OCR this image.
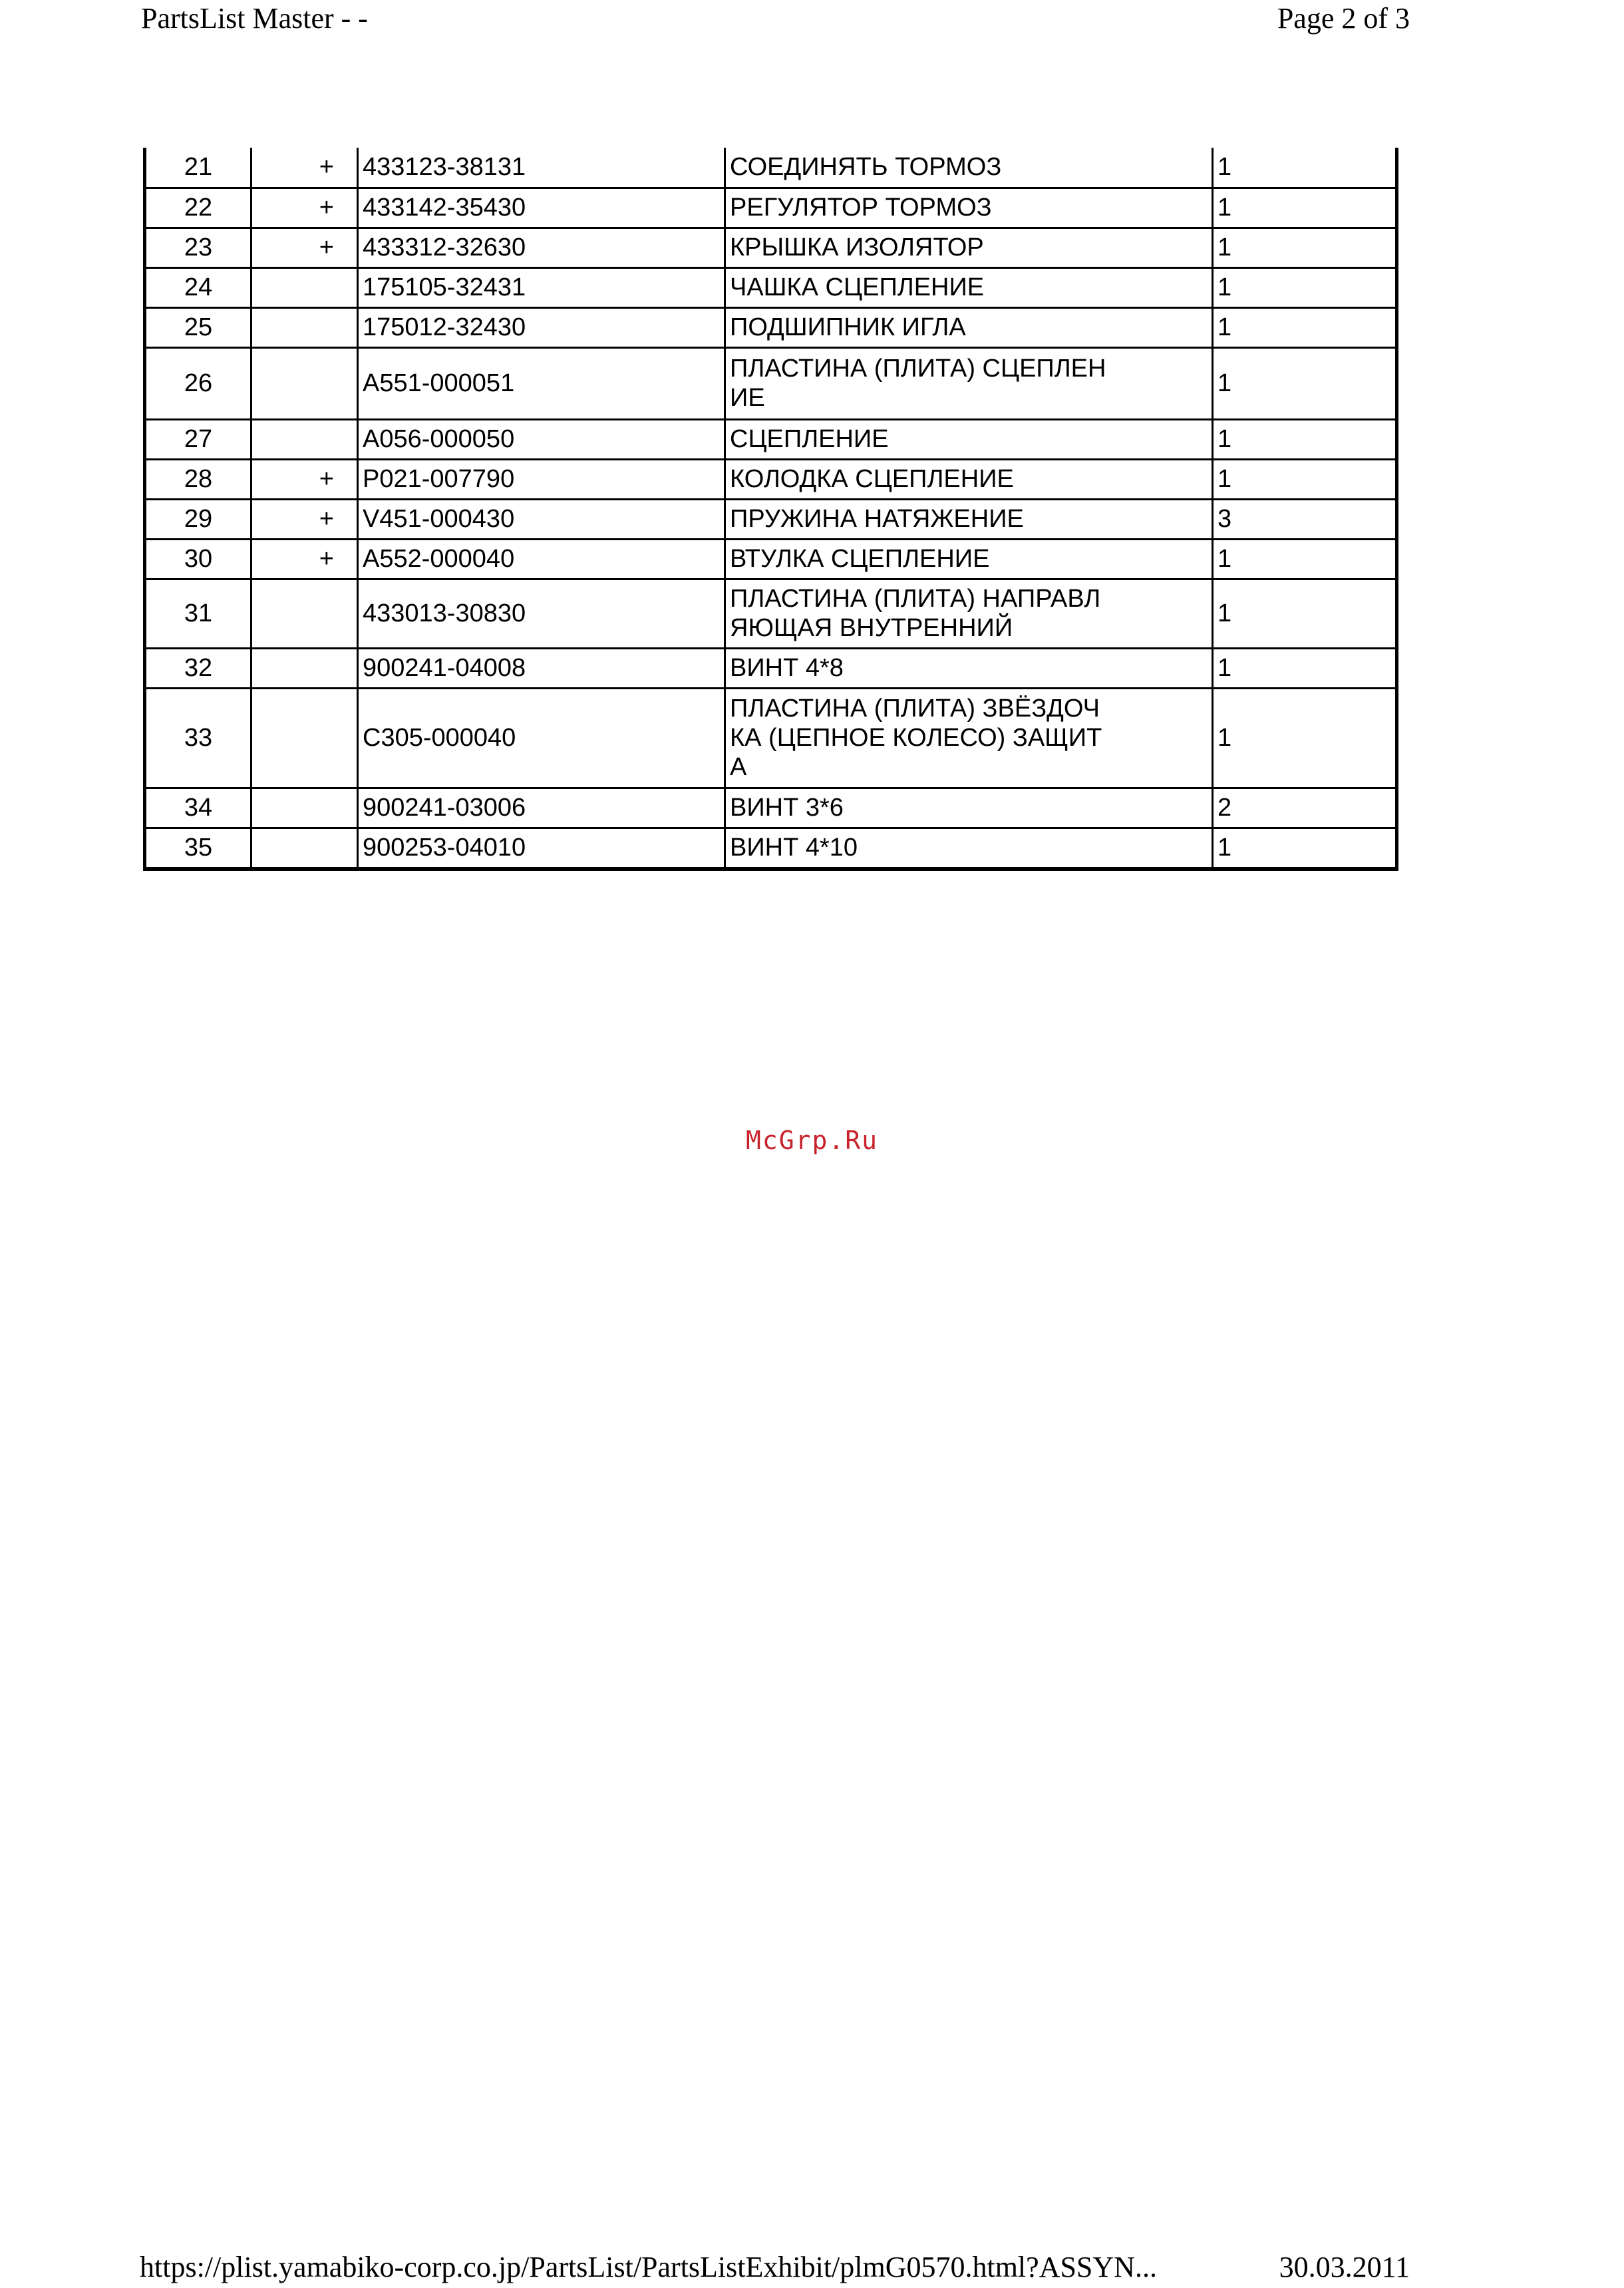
PartsList Master - -	Page 2 of 3
21	+	433123-38131	СОЕДИНЯТЬ ТОРМОЗ	1
22	+	433142-35430	РЕГУЛЯТОР ТОРМОЗ	1
23	+	433312-32630	КРЫШКА ИЗОЛЯТОР	1
24		175105-32431	ЧАШКА СЦЕПЛЕНИЕ	1
25		175012-32430	ПОДШИПНИК ИГЛА	1
26		A551-000051	ПЛАСТИНА (ПЛИТА) СЦЕПЛЕН ИЕ	1
27		A056-000050	СЦЕПЛЕНИЕ	1
28	+	P021-007790	КОЛОДКА СЦЕПЛЕНИЕ	1
29	+	V451-000430	ПРУЖИНА НАТЯЖЕНИЕ	3
30	+	A552-000040	ВТУЛКА СЦЕПЛЕНИЕ	1
31		433013-30830	ПЛАСТИНА (ПЛИТА) НАПРАВЛ ЯЮЩАЯ ВНУТРЕННИЙ	1
32		900241-04008	ВИНТ 4*8	1
33		C305-000040	ПЛАСТИНА (ПЛИТА) ЗВЁЗДОЧ КА (ЦЕПНОЕ КОЛЕСО) ЗАЩИТ А	1
34		900241-03006	ВИНТ 3*6	2
35		900253-04010	ВИНТ 4*10	1
McGrp.Ru
https://plist.yamabiko-corp.co.jp/PartsList/PartsListExhibit/plmG0570.html?ASSYN...	30.03.2011
